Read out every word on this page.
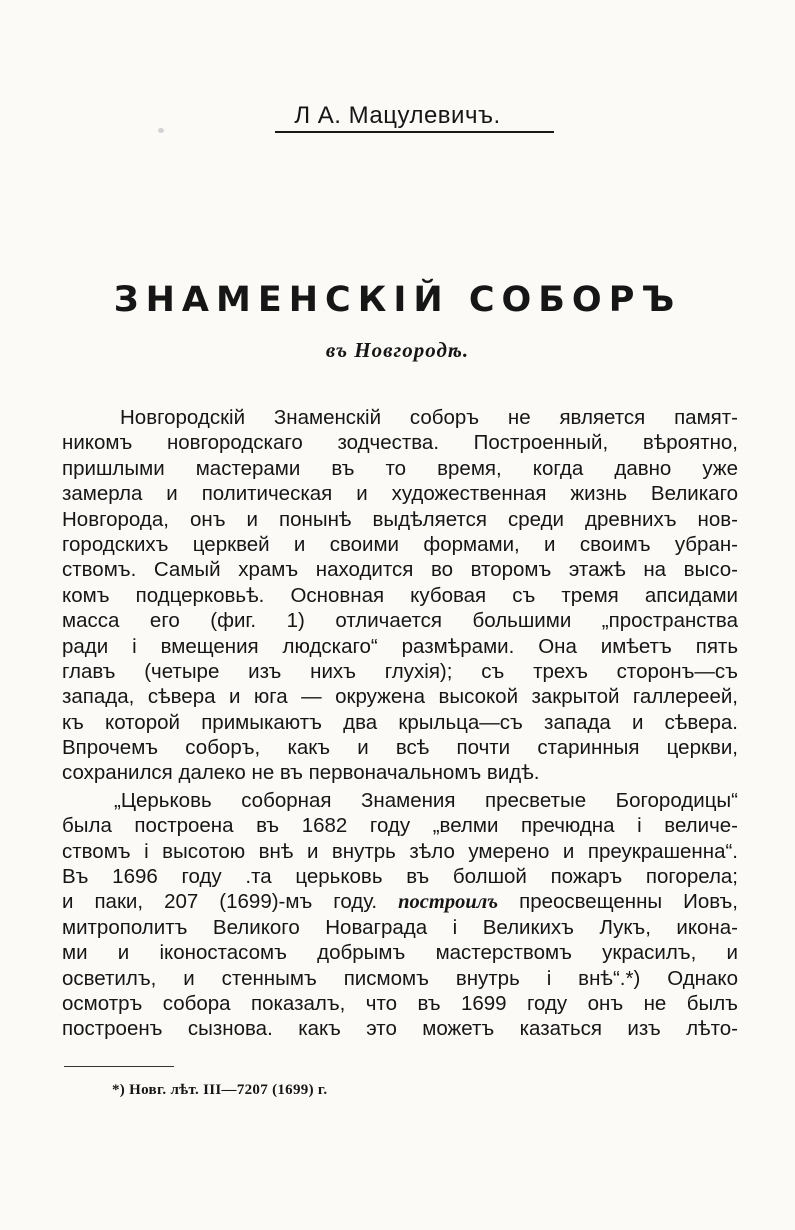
Л А. Мацулевичъ.
ЗНАМЕНСКІЙ СОБОРЪ
въ Новгородѣ.
Новгородскій Знаменскій соборъ не является памят-
никомъ новгородскаго зодчества. Построенный, вѣроятно,
пришлыми мастерами въ то время, когда давно уже
замерла и политическая и художественная жизнь Великаго
Новгорода, онъ и понынѣ выдѣляется среди древнихъ нов-
городскихъ церквей и своими формами, и своимъ убран-
ствомъ. Самый храмъ находится во второмъ этажѣ на высо-
комъ подцерковьѣ. Основная кубовая съ тремя апсидами
масса его (фиг. 1) отличается большими „пространства
ради і вмещения людскаго“ размѣрами. Она имѣетъ пять
главъ (четыре изъ нихъ глухія); съ трехъ сторонъ—съ
запада, сѣвера и юга — окружена высокой закрытой галлереей,
къ которой примыкаютъ два крыльца—съ запада и сѣвера.
Впрочемъ соборъ, какъ и всѣ почти старинныя церкви,
сохранился далеко не въ первоначальномъ видѣ.
„Церьковь соборная Знамения пресветые Богородицы“
была построена въ 1682 году „велми пречюдна і величе-
ствомъ і высотою внѣ и внутрь зѣло умерено и преукрашенна“.
Въ 1696 году .та церьковь въ болшой пожаръ погорела;
и паки, 207 (1699)-мъ году. построилъ преосвещенны Иовъ,
митрополитъ Великого Новаграда і Великихъ Лукъ, икона-
ми и іконостасомъ добрымъ мастерствомъ украсилъ, и
осветилъ, и стеннымъ писмомъ внутрь і внѣ“.*) Однако
осмотръ собора показалъ, что въ 1699 году онъ не былъ
построенъ сызнова. какъ это можетъ казаться изъ лѣто-
*) Новг. лѣт. III—7207 (1699) г.
